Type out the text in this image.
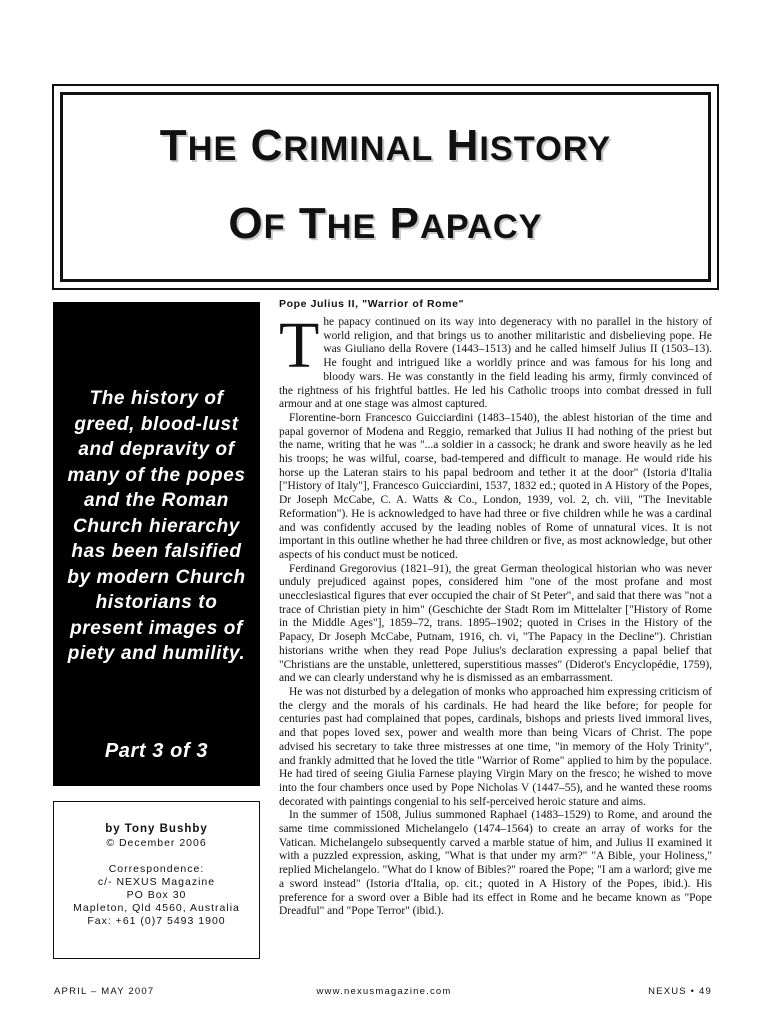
THE CRIMINAL HISTORY
OF THE PAPACY
The history of greed, blood-lust and depravity of many of the popes and the Roman Church hierarchy has been falsified by modern Church historians to present images of piety and humility.
Part 3 of 3
by Tony Bushby
© December 2006
Correspondence:
c/- NEXUS Magazine
PO Box 30
Mapleton, Qld 4560, Australia
Fax: +61 (0)7 5493 1900
Pope Julius II, "Warrior of Rome"

The papacy continued on its way into degeneracy with no parallel in the history of world religion, and that brings us to another militaristic and disbelieving pope. He was Giuliano della Rovere (1443–1513) and he called himself Julius II (1503–13). He fought and intrigued like a worldly prince and was famous for his long and bloody wars. He was constantly in the field leading his army, firmly convinced of the rightness of his frightful battles. He led his Catholic troops into combat dressed in full armour and at one stage was almost captured.

Florentine-born Francesco Guicciardini (1483–1540), the ablest historian of the time and papal governor of Modena and Reggio, remarked that Julius II had nothing of the priest but the name, writing that he was "...a soldier in a cassock; he drank and swore heavily as he led his troops; he was wilful, coarse, bad-tempered and difficult to manage. He would ride his horse up the Lateran stairs to his papal bedroom and tether it at the door" (Istoria d'Italia ["History of Italy"], Francesco Guicciardini, 1537, 1832 ed.; quoted in A History of the Popes, Dr Joseph McCabe, C. A. Watts & Co., London, 1939, vol. 2, ch. viii, "The Inevitable Reformation"). He is acknowledged to have had three or five children while he was a cardinal and was confidently accused by the leading nobles of Rome of unnatural vices. It is not important in this outline whether he had three children or five, as most acknowledge, but other aspects of his conduct must be noticed.

Ferdinand Gregorovius (1821–91), the great German theological historian who was never unduly prejudiced against popes, considered him "one of the most profane and most unecclesiastical figures that ever occupied the chair of St Peter", and said that there was "not a trace of Christian piety in him" (Geschichte der Stadt Rom im Mittelalter ["History of Rome in the Middle Ages"], 1859–72, trans. 1895–1902; quoted in Crises in the History of the Papacy, Dr Joseph McCabe, Putnam, 1916, ch. vi, "The Papacy in the Decline"). Christian historians writhe when they read Pope Julius's declaration expressing a papal belief that "Christians are the unstable, unlettered, superstitious masses" (Diderot's Encyclopédie, 1759), and we can clearly understand why he is dismissed as an embarrassment.

He was not disturbed by a delegation of monks who approached him expressing criticism of the clergy and the morals of his cardinals. He had heard the like before; for people for centuries past had complained that popes, cardinals, bishops and priests lived immoral lives, and that popes loved sex, power and wealth more than being Vicars of Christ. The pope advised his secretary to take three mistresses at one time, "in memory of the Holy Trinity", and frankly admitted that he loved the title "Warrior of Rome" applied to him by the populace. He had tired of seeing Giulia Farnese playing Virgin Mary on the fresco; he wished to move into the four chambers once used by Pope Nicholas V (1447–55), and he wanted these rooms decorated with paintings congenial to his self-perceived heroic stature and aims.

In the summer of 1508, Julius summoned Raphael (1483–1529) to Rome, and around the same time commissioned Michelangelo (1474–1564) to create an array of works for the Vatican. Michelangelo subsequently carved a marble statue of him, and Julius II examined it with a puzzled expression, asking, "What is that under my arm?" "A Bible, your Holiness," replied Michelangelo. "What do I know of Bibles?" roared the Pope; "I am a warlord; give me a sword instead" (Istoria d'Italia, op. cit.; quoted in A History of the Popes, ibid.). His preference for a sword over a Bible had its effect in Rome and he became known as "Pope Dreadful" and "Pope Terror" (ibid.).

APRIL – MAY 2007	www.nexusmagazine.com	NEXUS • 49
